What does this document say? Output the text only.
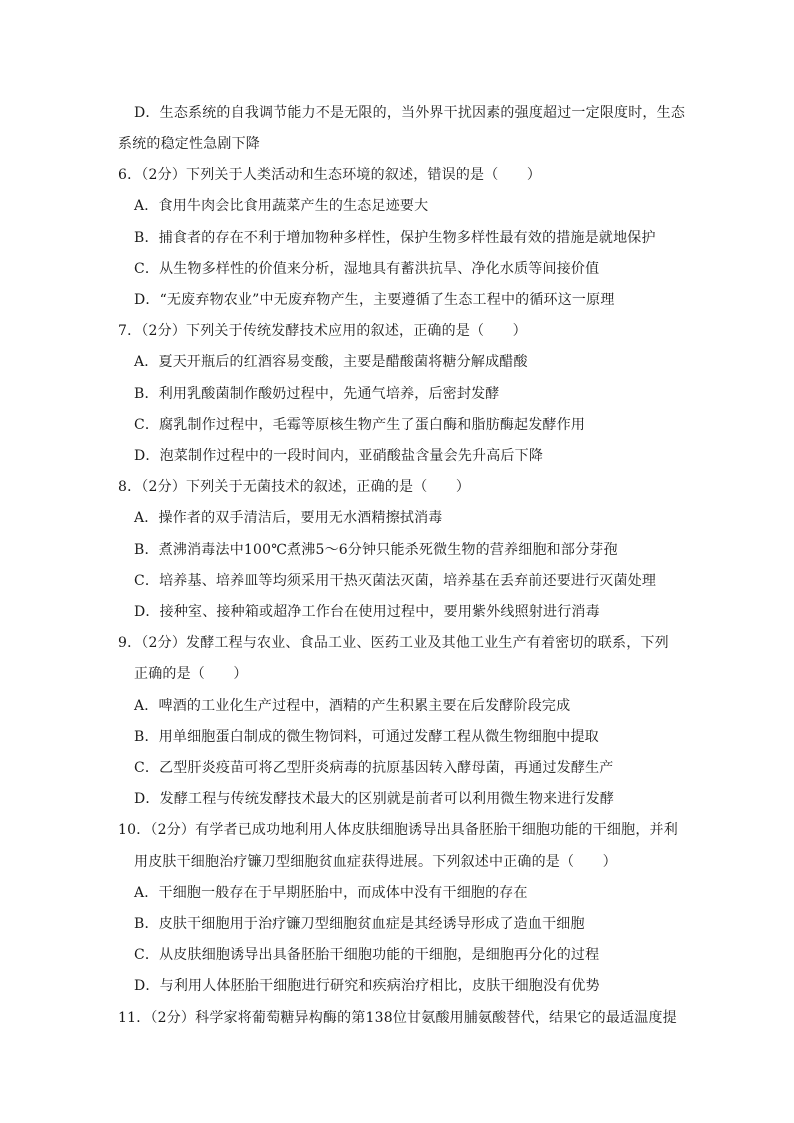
D．生态系统的自我调节能力不是无限的，当外界干扰因素的强度超过一定限度时，生态
系统的稳定性急剧下降
6．（2分）下列关于人类活动和生态环境的叙述，错误的是（　　）
A．食用牛肉会比食用蔬菜产生的生态足迹要大
B．捕食者的存在不利于增加物种多样性，保护生物多样性最有效的措施是就地保护
C．从生物多样性的价值来分析，湿地具有蓄洪抗旱、净化水质等间接价值
D．“无废弃物农业”中无废弃物产生，主要遵循了生态工程中的循环这一原理
7．（2分）下列关于传统发酵技术应用的叙述，正确的是（　　）
A．夏天开瓶后的红酒容易变酸，主要是醋酸菌将糖分解成醋酸
B．利用乳酸菌制作酸奶过程中，先通气培养，后密封发酵
C．腐乳制作过程中，毛霉等原核生物产生了蛋白酶和脂肪酶起发酵作用
D．泡菜制作过程中的一段时间内，亚硝酸盐含量会先升高后下降
8．（2分）下列关于无菌技术的叙述，正确的是（　　）
A．操作者的双手清洁后，要用无水酒精擦拭消毒
B．煮沸消毒法中100℃煮沸5～6分钟只能杀死微生物的营养细胞和部分芽孢
C．培养基、培养皿等均须采用干热灭菌法灭菌，培养基在丢弃前还要进行灭菌处理
D．接种室、接种箱或超净工作台在使用过程中，要用紫外线照射进行消毒
9．（2分）发酵工程与农业、食品工业、医药工业及其他工业生产有着密切的联系，下列
正确的是（　　）
A．啤酒的工业化生产过程中，酒精的产生积累主要在后发酵阶段完成
B．用单细胞蛋白制成的微生物饲料，可通过发酵工程从微生物细胞中提取
C．乙型肝炎疫苗可将乙型肝炎病毒的抗原基因转入酵母菌，再通过发酵生产
D．发酵工程与传统发酵技术最大的区别就是前者可以利用微生物来进行发酵
10．（2分）有学者已成功地利用人体皮肤细胞诱导出具备胚胎干细胞功能的干细胞，并利
用皮肤干细胞治疗镰刀型细胞贫血症获得进展。下列叙述中正确的是（　　）
A．干细胞一般存在于早期胚胎中，而成体中没有干细胞的存在
B．皮肤干细胞用于治疗镰刀型细胞贫血症是其经诱导形成了造血干细胞
C．从皮肤细胞诱导出具备胚胎干细胞功能的干细胞，是细胞再分化的过程
D．与利用人体胚胎干细胞进行研究和疾病治疗相比，皮肤干细胞没有优势
11．（2分）科学家将葡萄糖异构酶的第138位甘氨酸用脯氨酸替代，结果它的最适温度提
